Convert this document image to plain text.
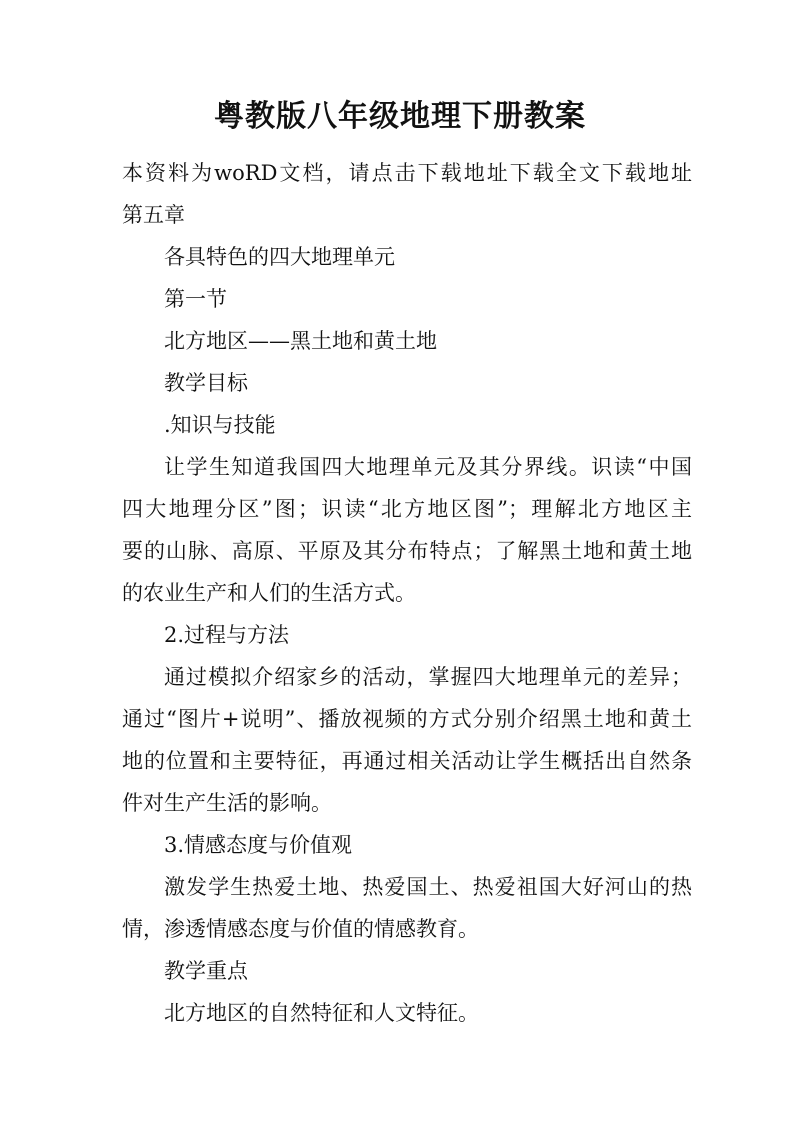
粤教版八年级地理下册教案
本资料为woRD文档，请点击下载地址下载全文下载地址
第五章
各具特色的四大地理单元
第一节
北方地区——黑土地和黄土地
教学目标
.知识与技能
让学生知道我国四大地理单元及其分界线。识读“中国
四大地理分区”图；识读“北方地区图”；理解北方地区主
要的山脉、高原、平原及其分布特点；了解黑土地和黄土地
的农业生产和人们的生活方式。
2.过程与方法
通过模拟介绍家乡的活动，掌握四大地理单元的差异；
通过“图片+说明”、播放视频的方式分别介绍黑土地和黄土
地的位置和主要特征，再通过相关活动让学生概括出自然条
件对生产生活的影响。
3.情感态度与价值观
激发学生热爱土地、热爱国土、热爱祖国大好河山的热
情，渗透情感态度与价值的情感教育。
教学重点
北方地区的自然特征和人文特征。
